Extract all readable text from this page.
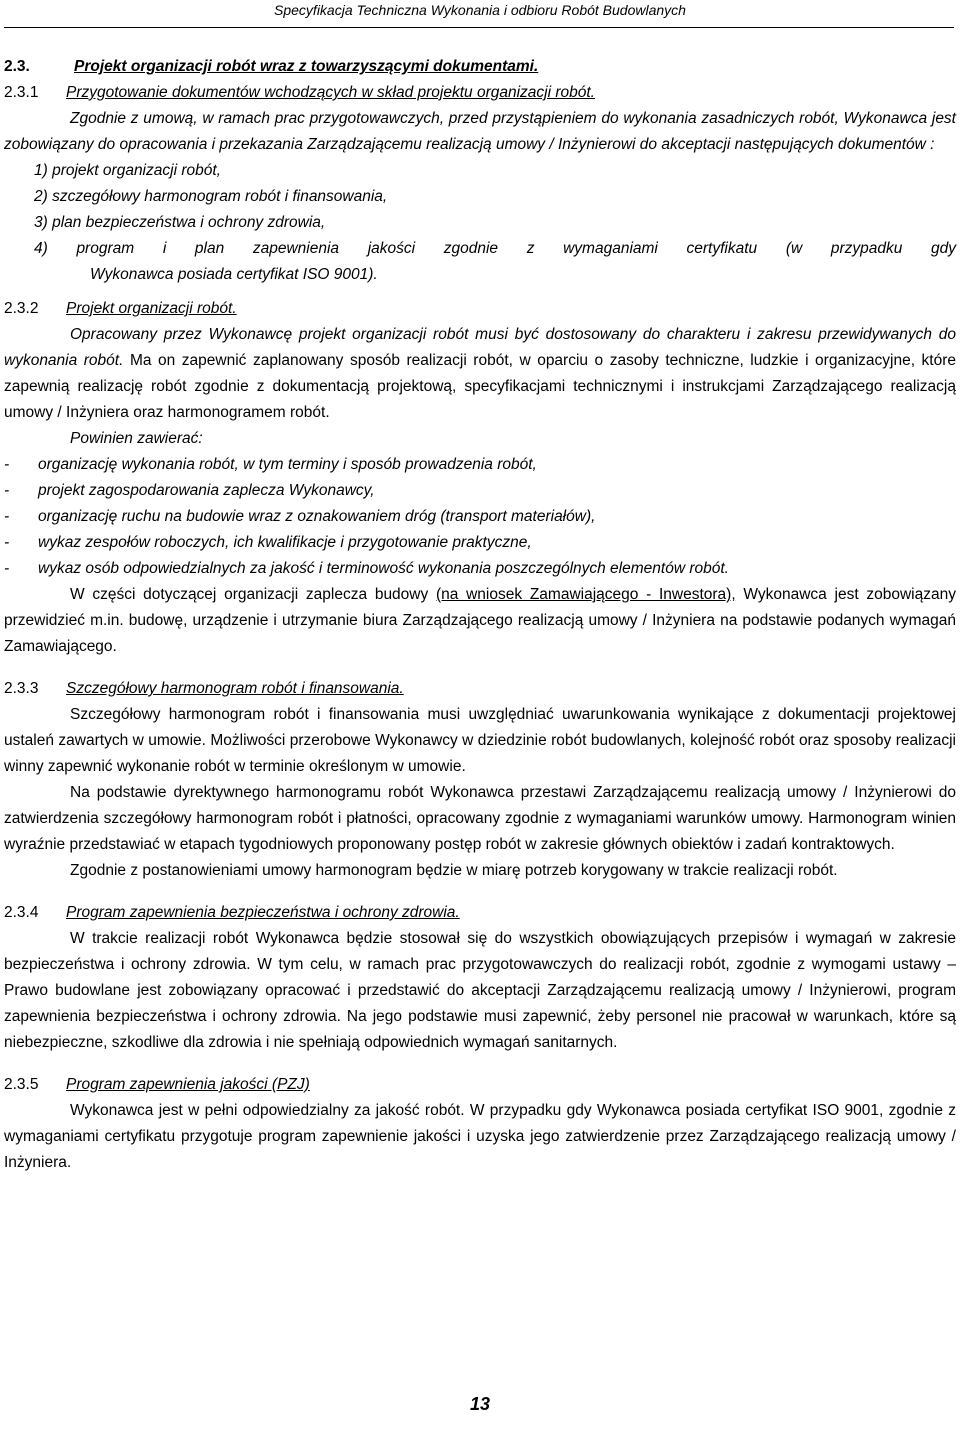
Specyfikacja Techniczna Wykonania i odbioru Robót Budowlanych

2.3.	Projekt organizacji robót wraz z towarzyszącymi dokumentami.

2.3.1 Przygotowanie dokumentów wchodzących w skład projektu organizacji robót.

Zgodnie z umową, w ramach prac przygotowawczych, przed przystąpieniem do wykonania zasadniczych robót, Wykonawca jest zobowiązany do opracowania i przekazania Zarządzającemu realizacją umowy / Inżynierowi do akceptacji następujących dokumentów :

1) projekt organizacji robót,
2) szczegółowy harmonogram robót i finansowania,
3) plan bezpieczeństwa i ochrony zdrowia,
4) program i plan zapewnienia jakości zgodnie z wymaganiami certyfikatu (w przypadku gdy
Wykonawca posiada certyfikat ISO 9001).

2.3.2 Projekt organizacji robót.

Opracowany przez Wykonawcę projekt organizacji robót musi być dostosowany do charakteru i zakresu przewidywanych do wykonania robót. Ma on zapewnić zaplanowany sposób realizacji robót, w oparciu o zasoby techniczne, ludzkie i organizacyjne, które zapewnią realizację robót zgodnie z dokumentacją projektową, specyfikacjami technicznymi i instrukcjami Zarządzającego realizacją umowy / Inżyniera oraz harmonogramem robót.

Powinien zawierać:

-	organizację wykonania robót, w tym terminy i sposób prowadzenia robót,
-	projekt zagospodarowania zaplecza Wykonawcy,
-	organizację ruchu na budowie wraz z oznakowaniem dróg (transport materiałów),
-	wykaz zespołów roboczych, ich kwalifikacje i przygotowanie praktyczne,
-	wykaz osób odpowiedzialnych za jakość i terminowość wykonania poszczególnych elementów robót.

W części dotyczącej organizacji zaplecza budowy (na wniosek Zamawiającego - Inwestora), Wykonawca jest zobowiązany przewidzieć m.in. budowę, urządzenie i utrzymanie biura Zarządzającego realizacją umowy / Inżyniera na podstawie podanych wymagań Zamawiającego.

2.3.3 Szczegółowy harmonogram robót i finansowania.

Szczegółowy harmonogram robót i finansowania musi uwzględniać uwarunkowania wynikające z dokumentacji projektowej ustaleń zawartych w umowie. Możliwości przerobowe Wykonawcy w dziedzinie robót budowlanych, kolejność robót oraz sposoby realizacji winny zapewnić wykonanie robót w terminie określonym w umowie.

Na podstawie dyrektywnego harmonogramu robót Wykonawca przestawi Zarządzającemu realizacją umowy / Inżynierowi do zatwierdzenia szczegółowy harmonogram robót i płatności, opracowany zgodnie z wymaganiami warunków umowy. Harmonogram winien wyraźnie przedstawiać w etapach tygodniowych proponowany postęp robót w zakresie głównych obiektów i zadań kontraktowych.

Zgodnie z postanowieniami umowy harmonogram będzie w miarę potrzeb korygowany w trakcie realizacji robót.

2.3.4 Program zapewnienia bezpieczeństwa i ochrony zdrowia.

W trakcie realizacji robót Wykonawca będzie stosował się do wszystkich obowiązujących przepisów i wymagań w zakresie bezpieczeństwa i ochrony zdrowia. W tym celu, w ramach prac przygotowawczych do realizacji robót, zgodnie z wymogami ustawy – Prawo budowlane jest zobowiązany opracować i przedstawić do akceptacji Zarządzającemu realizacją umowy / Inżynierowi, program zapewnienia bezpieczeństwa i ochrony zdrowia. Na jego podstawie musi zapewnić, żeby personel nie pracował w warunkach, które są niebezpieczne, szkodliwe dla zdrowia i nie spełniają odpowiednich wymagań sanitarnych.

2.3.5 Program zapewnienia jakości (PZJ)

Wykonawca jest w pełni odpowiedzialny za jakość robót. W przypadku gdy Wykonawca posiada certyfikat ISO 9001, zgodnie z wymaganiami certyfikatu przygotuje program zapewnienie jakości i uzyska jego zatwierdzenie przez Zarządzającego realizacją umowy / Inżyniera.

13
